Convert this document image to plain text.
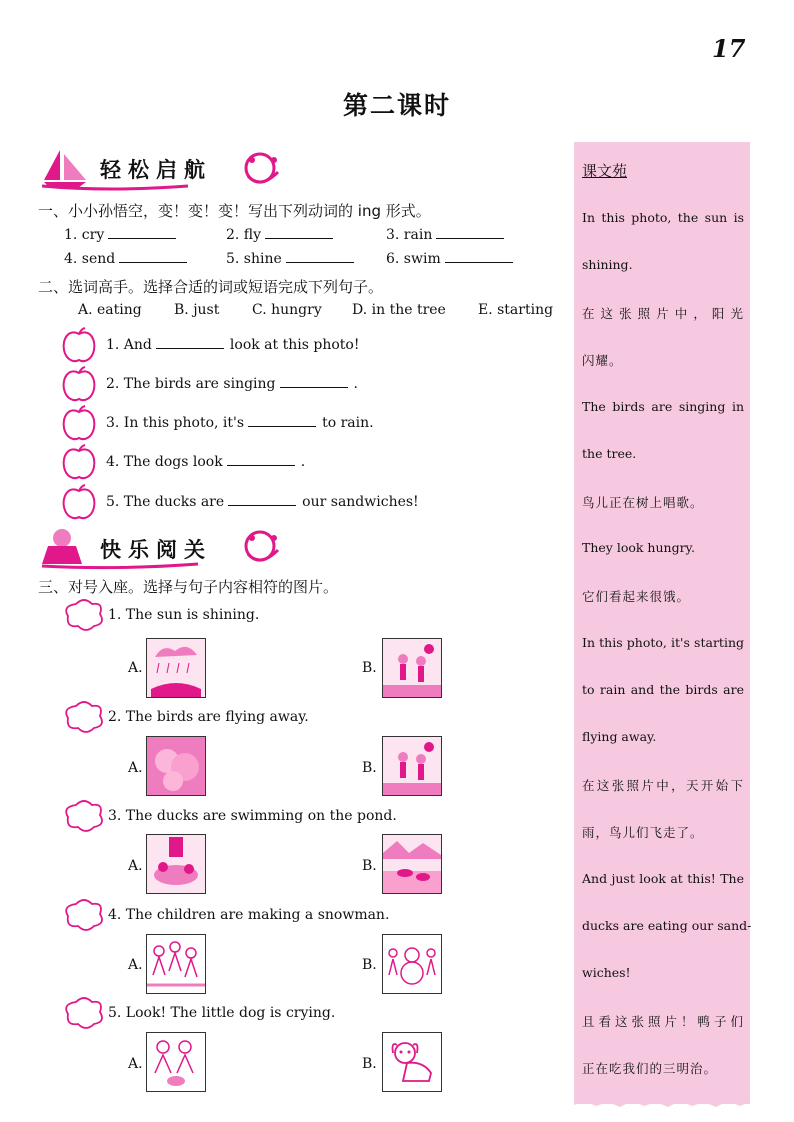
17
第二课时
轻松启航
一、小小孙悟空，变！变！变！写出下列动词的 ing 形式。
1. cry	2. fly	3. rain
4. send	5. shine	6. swim
二、选词高手。选择合适的词或短语完成下列句子。
A. eating B. just C. hungry D. in the tree E. starting
1. And	look at this photo!
2. The birds are singing	.
3. In this photo, it's	to rain.
4. The dogs look	.
5. The ducks are	our sandwiches!
快乐阅关
三、对号入座。选择与句子内容相符的图片。
1. The sun is shining.
A.	B.
2. The birds are flying away.
A.	B.
3. The ducks are swimming on the pond.
A.	B.
4. The children are making a snowman.
A.	B.
5. Look! The little dog is crying.
A.	B.
课文苑
In this photo, the sun is
shining.
在这张照片中，阳光
闪耀。
The birds are singing in
the tree.
鸟儿正在树上唱歌。
They look hungry.
它们看起来很饿。
In this photo, it's starting
to rain and the birds are
flying away.
在这张照片中，天开始下
雨，鸟儿们飞走了。
And just look at this! The
ducks are eating our sand-
wiches!
且看这张照片！鸭子们
正在吃我们的三明治。
